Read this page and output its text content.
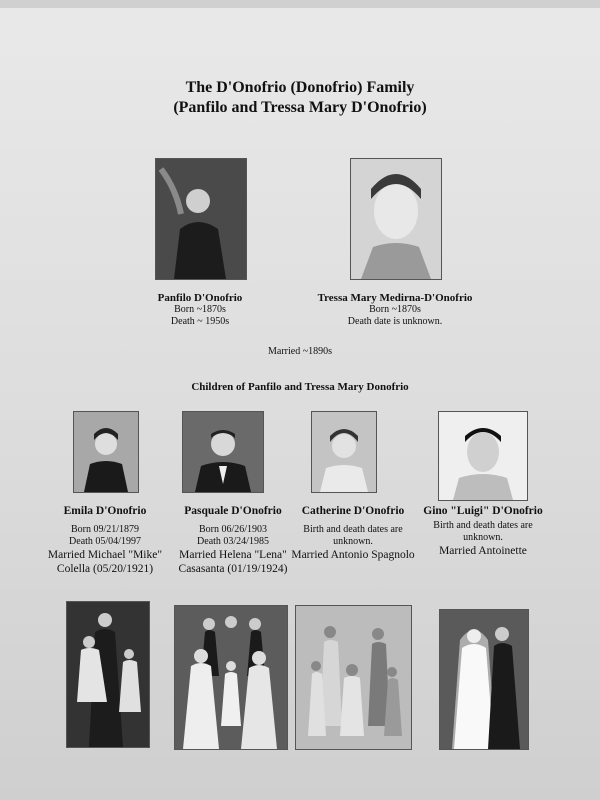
The D'Onofrio (Donofrio) Family
(Panfilo and Tressa Mary D'Onofrio)
Panfilo D'Onofrio
Born ~1870s
Death ~ 1950s
Tressa Mary Medirna-D'Onofrio
Born ~1870s
Death date is unknown.
Married ~1890s
Children of Panfilo and Tressa Mary Donofrio
Emila D'Onofrio
Born 09/21/1879
Death 05/04/1997
Married Michael "Mike" Colella (05/20/1921)
Pasquale D'Onofrio
Born 06/26/1903
Death 03/24/1985
Married Helena "Lena" Casasanta (01/19/1924)
Catherine D'Onofrio
Birth and death dates are unknown.
Married Antonio Spagnolo
Gino "Luigi" D'Onofrio
Birth and death dates are unknown.
Married Antoinette
